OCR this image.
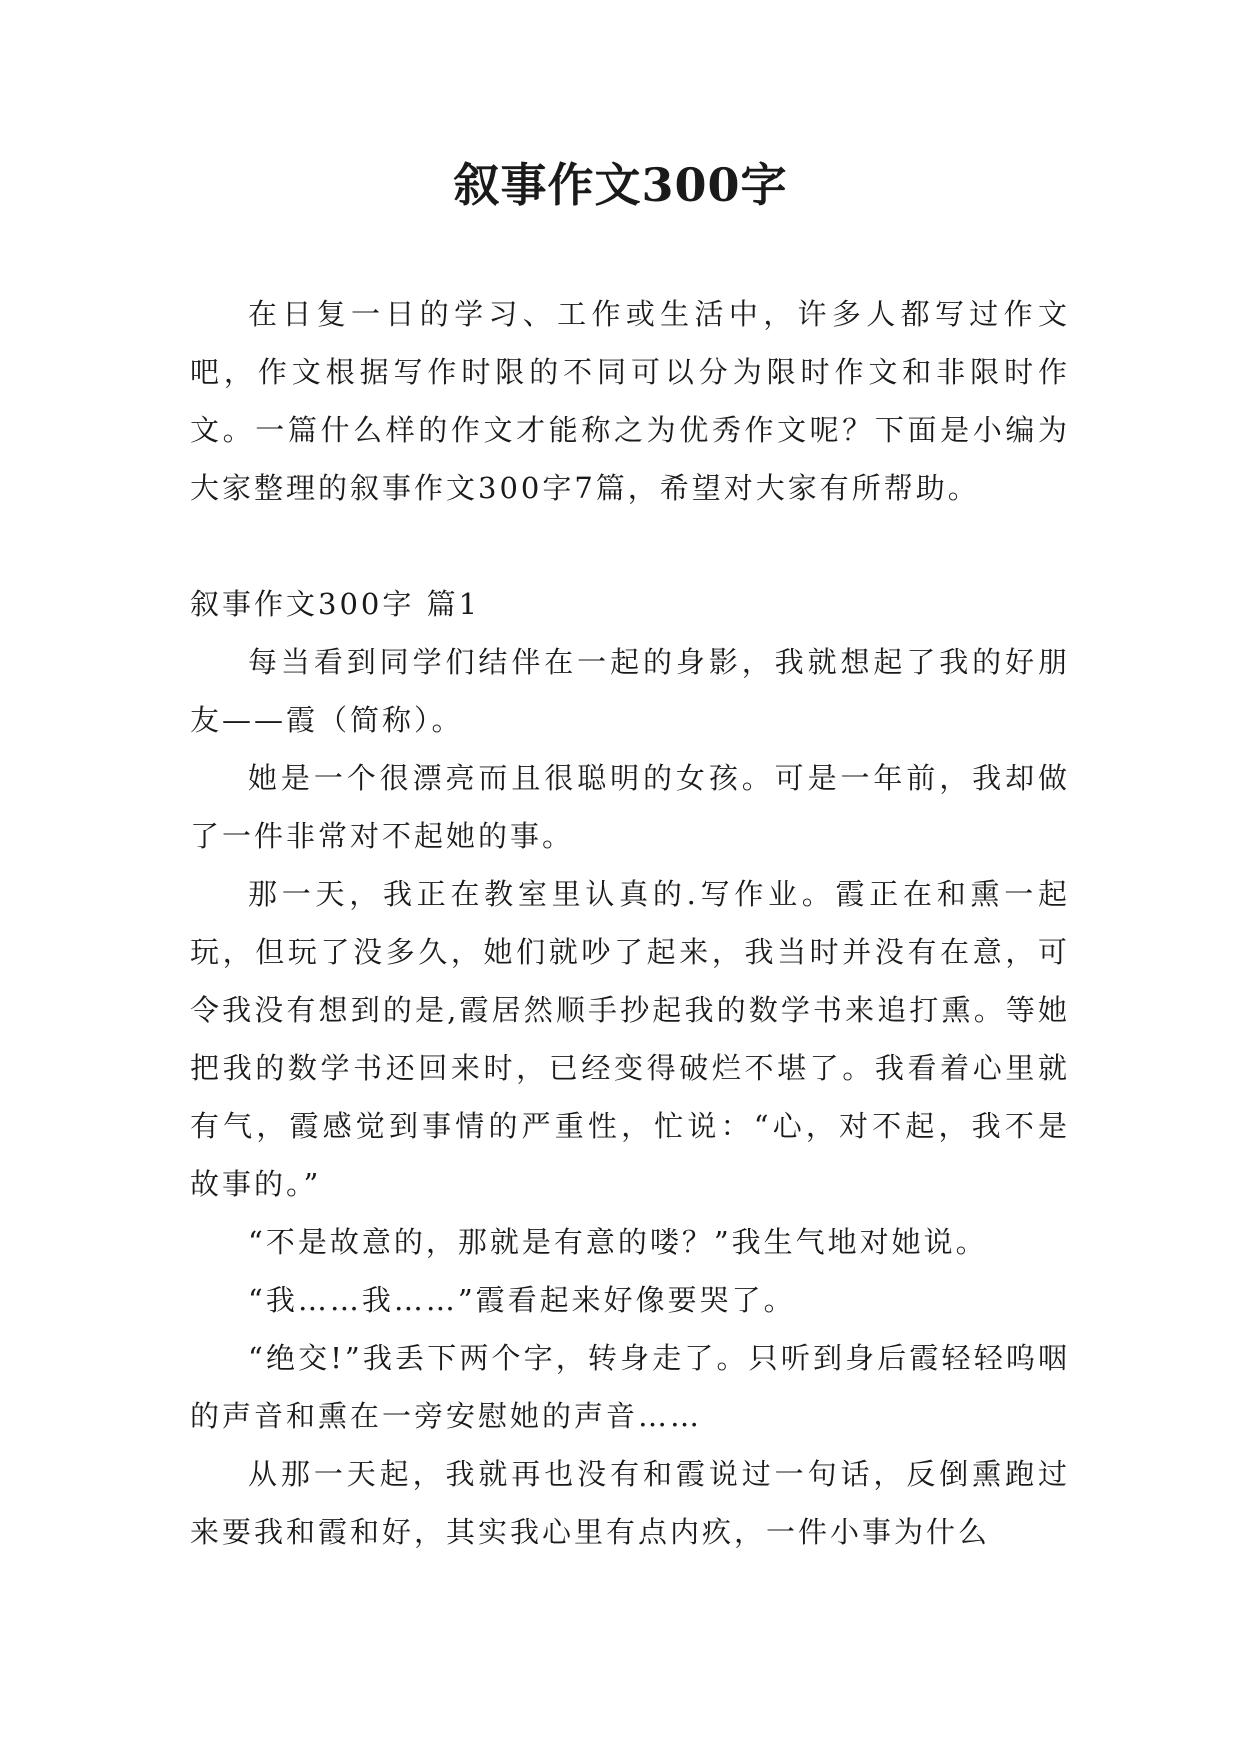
叙事作文300字

在日复一日的学习、工作或生活中，许多人都写过作文吧，作文根据写作时限的不同可以分为限时作文和非限时作文。一篇什么样的作文才能称之为优秀作文呢？下面是小编为大家整理的叙事作文300字7篇，希望对大家有所帮助。

叙事作文300字 篇1

每当看到同学们结伴在一起的身影，我就想起了我的好朋友——霞（简称）。

她是一个很漂亮而且很聪明的女孩。可是一年前，我却做了一件非常对不起她的事。

那一天，我正在教室里认真的.写作业。霞正在和熏一起玩，但玩了没多久，她们就吵了起来，我当时并没有在意，可令我没有想到的是,霞居然顺手抄起我的数学书来追打熏。等她把我的数学书还回来时，已经变得破烂不堪了。我看着心里就有气，霞感觉到事情的严重性，忙说：“心，对不起，我不是故事的。”

“不是故意的，那就是有意的喽？”我生气地对她说。

“我……我……”霞看起来好像要哭了。

“绝交!”我丢下两个字，转身走了。只听到身后霞轻轻呜咽的声音和熏在一旁安慰她的声音……

从那一天起，我就再也没有和霞说过一句话，反倒熏跑过来要我和霞和好，其实我心里有点内疚，一件小事为什么
